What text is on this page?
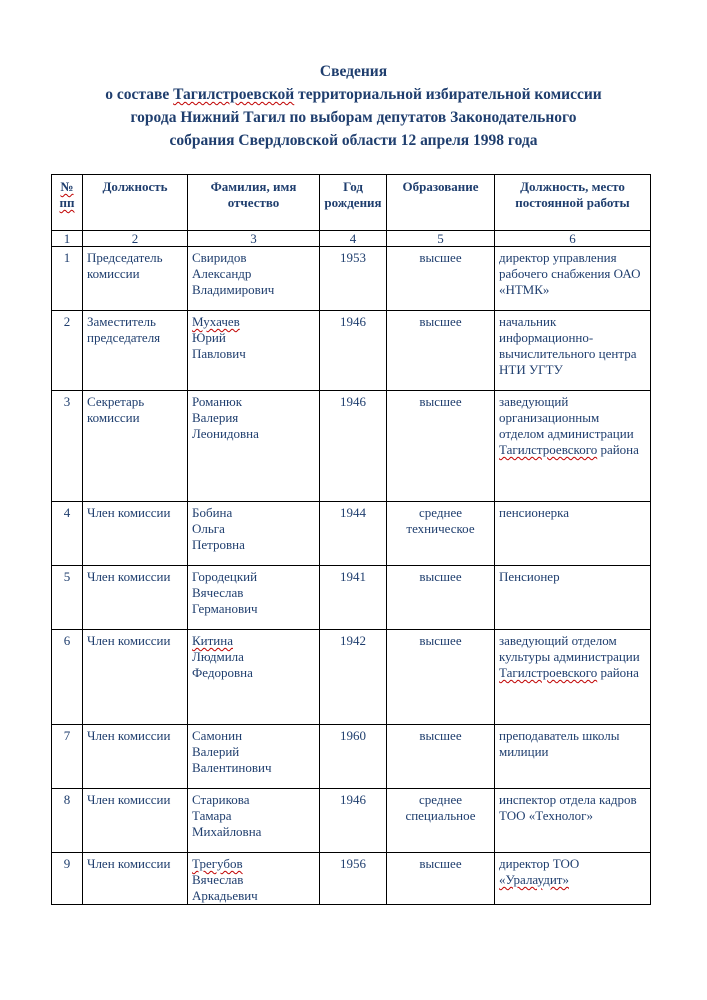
Сведения
о составе Тагилстроевской территориальной избирательной комиссии
города Нижний Тагил по выборам депутатов Законодательного
собрания Свердловской области 12 апреля 1998 года
№ пп	Должность	Фамилия, имя отчество	Год рождения	Образование	Должность, место постоянной работы
1	2	3	4	5	6
1	Председатель комиссии	Свиридов
Александр
Владимирович	1953	высшее	директор управления рабочего снабжения ОАО «НТМК»
2	Заместитель председателя	Мухачев
Юрий
Павлович	1946	высшее	начальник информационно-вычислительного центра НТИ УГТУ
3	Секретарь комиссии	Романюк
Валерия
Леонидовна	1946	высшее	заведующий организационным отделом администрации Тагилстроевского района
4	Член комиссии	Бобина
Ольга
Петровна	1944	среднее техническое	пенсионерка
5	Член комиссии	Городецкий
Вячеслав
Германович	1941	высшее	Пенсионер
6	Член комиссии	Китина
Людмила
Федоровна	1942	высшее	заведующий отделом культуры администрации Тагилстроевского района
7	Член комиссии	Самонин
Валерий
Валентинович	1960	высшее	преподаватель школы милиции
8	Член комиссии	Старикова
Тамара
Михайловна	1946	среднее специальное	инспектор отдела кадров ТОО «Технолог»
9	Член комиссии	Трегубов
Вячеслав
Аркадьевич	1956	высшее	директор ТОО «Уралаудит»
